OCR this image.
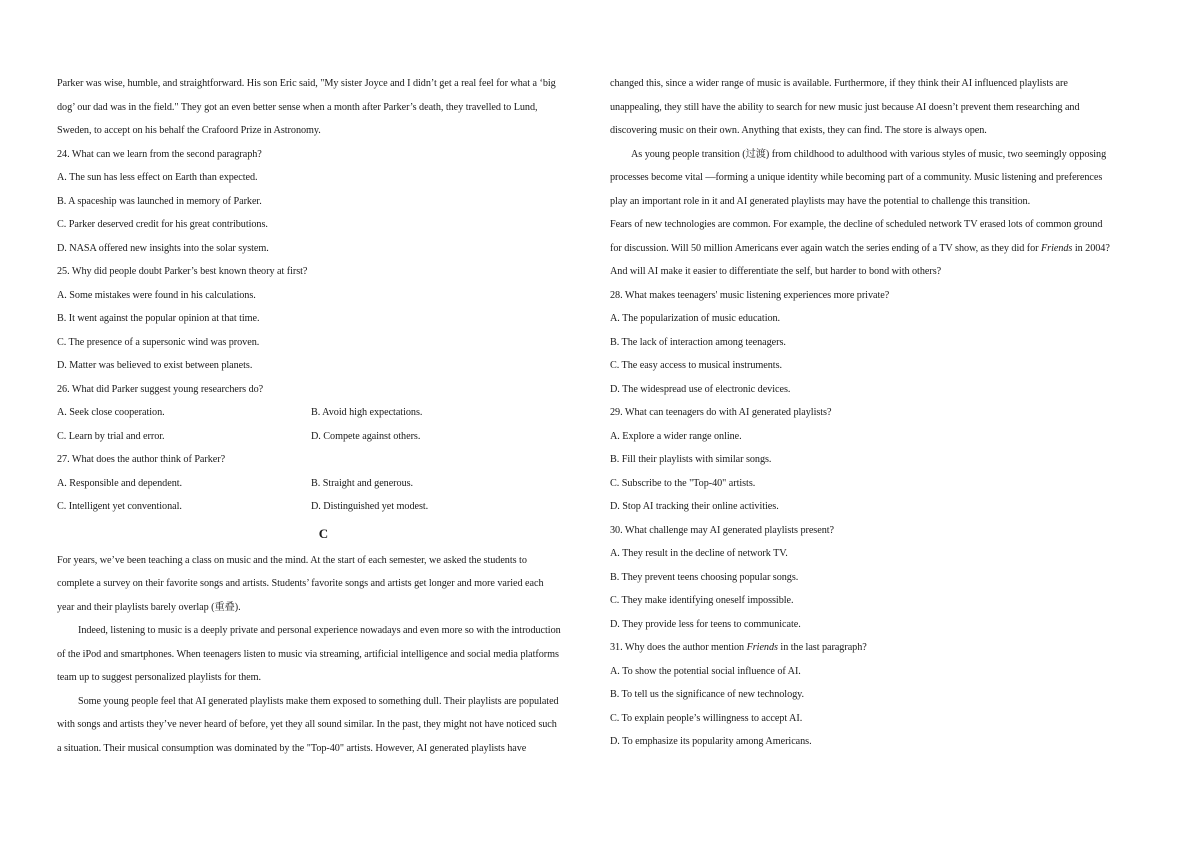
Parker was wise, humble, and straightforward. His son Eric said, "My sister Joyce and I didn’t get a real feel for what a ‘big
dog’ our dad was in the field." They got an even better sense when a month after Parker’s death, they travelled to Lund,
Sweden, to accept on his behalf the Crafoord Prize in Astronomy.
24. What can we learn from the second paragraph?
A. The sun has less effect on Earth than expected.
B. A spaceship was launched in memory of Parker.
C. Parker deserved credit for his great contributions.
D. NASA offered new insights into the solar system.
25. Why did people doubt Parker’s best known theory at first?
A. Some mistakes were found in his calculations.
B. It went against the popular opinion at that time.
C. The presence of a supersonic wind was proven.
D. Matter was believed to exist between planets.
26. What did Parker suggest young researchers do?
A. Seek close cooperation.	B. Avoid high expectations.
C. Learn by trial and error.	D. Compete against others.
27. What does the author think of Parker?
A. Responsible and dependent.	B. Straight and generous.
C. Intelligent yet conventional.	D. Distinguished yet modest.
C
For years, we’ve been teaching a class on music and the mind. At the start of each semester, we asked the students to
complete a survey on their favorite songs and artists. Students’ favorite songs and artists get longer and more varied each
year and their playlists barely overlap (重叠).
Indeed, listening to music is a deeply private and personal experience nowadays and even more so with the introduction
of the iPod and smartphones. When teenagers listen to music via streaming, artificial intelligence and social media platforms
team up to suggest personalized playlists for them.
Some young people feel that AI generated playlists make them exposed to something dull. Their playlists are populated
with songs and artists they’ve never heard of before, yet they all sound similar. In the past, they might not have noticed such
a situation. Their musical consumption was dominated by the "Top-40" artists. However, AI generated playlists have
changed this, since a wider range of music is available. Furthermore, if they think their AI influenced playlists are
unappealing, they still have the ability to search for new music just because AI doesn’t prevent them researching and
discovering music on their own. Anything that exists, they can find. The store is always open.
As young people transition (过渡) from childhood to adulthood with various styles of music, two seemingly opposing
processes become vital —forming a unique identity while becoming part of a community. Music listening and preferences
play an important role in it and AI generated playlists may have the potential to challenge this transition.
Fears of new technologies are common. For example, the decline of scheduled network TV erased lots of common ground
for discussion. Will 50 million Americans ever again watch the series ending of a TV show, as they did for Friends in 2004?
And will AI make it easier to differentiate the self, but harder to bond with others?
28. What makes teenagers' music listening experiences more private?
A. The popularization of music education.
B. The lack of interaction among teenagers.
C. The easy access to musical instruments.
D. The widespread use of electronic devices.
29. What can teenagers do with AI generated playlists?
A. Explore a wider range online.
B. Fill their playlists with similar songs.
C. Subscribe to the "Top-40" artists.
D. Stop AI tracking their online activities.
30. What challenge may AI generated playlists present?
A. They result in the decline of network TV.
B. They prevent teens choosing popular songs.
C. They make identifying oneself impossible.
D. They provide less for teens to communicate.
31. Why does the author mention Friends in the last paragraph?
A. To show the potential social influence of AI.
B. To tell us the significance of new technology.
C. To explain people’s willingness to accept AI.
D. To emphasize its popularity among Americans.
